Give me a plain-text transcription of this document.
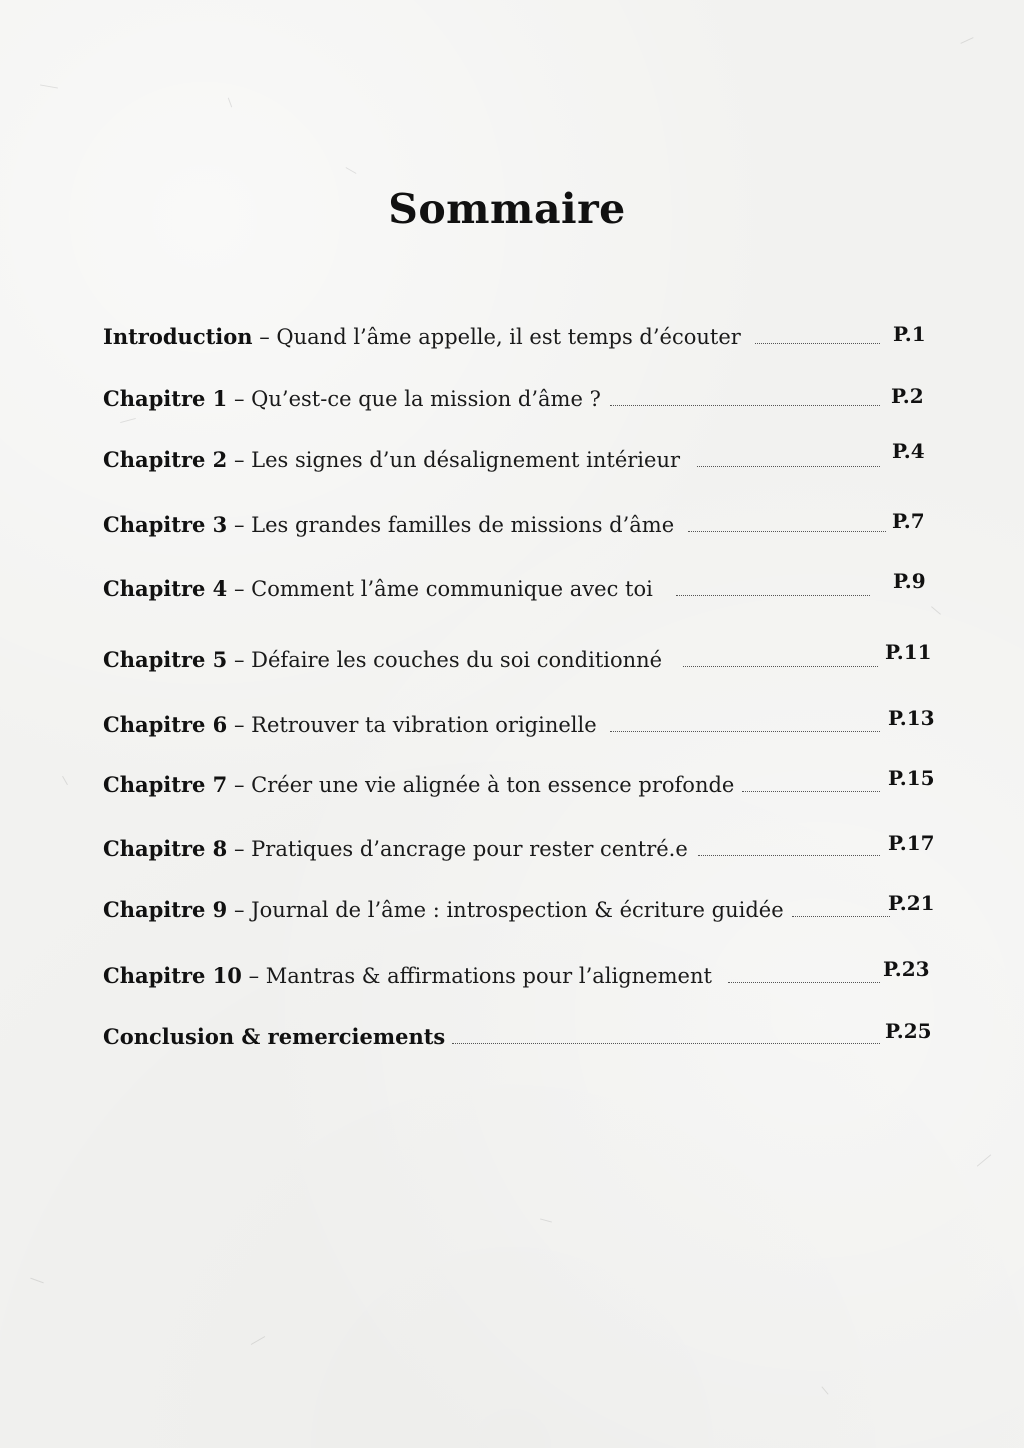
Sommaire
Introduction – Quand l’âme appelle, il est temps d’écouter	P.1
Chapitre 1 – Qu’est-ce que la mission d’âme ?	P.2
Chapitre 2 – Les signes d’un désalignement intérieur	P.4
Chapitre 3 – Les grandes familles de missions d’âme	P.7
Chapitre 4 – Comment l’âme communique avec toi	P.9
Chapitre 5 – Défaire les couches du soi conditionné	P.11
Chapitre 6 – Retrouver ta vibration originelle	P.13
Chapitre 7 – Créer une vie alignée à ton essence profonde	P.15
Chapitre 8 – Pratiques d’ancrage pour rester centré.e	P.17
Chapitre 9 – Journal de l’âme : introspection & écriture guidée	P.21
Chapitre 10 – Mantras & affirmations pour l’alignement	P.23
Conclusion & remerciements	P.25
